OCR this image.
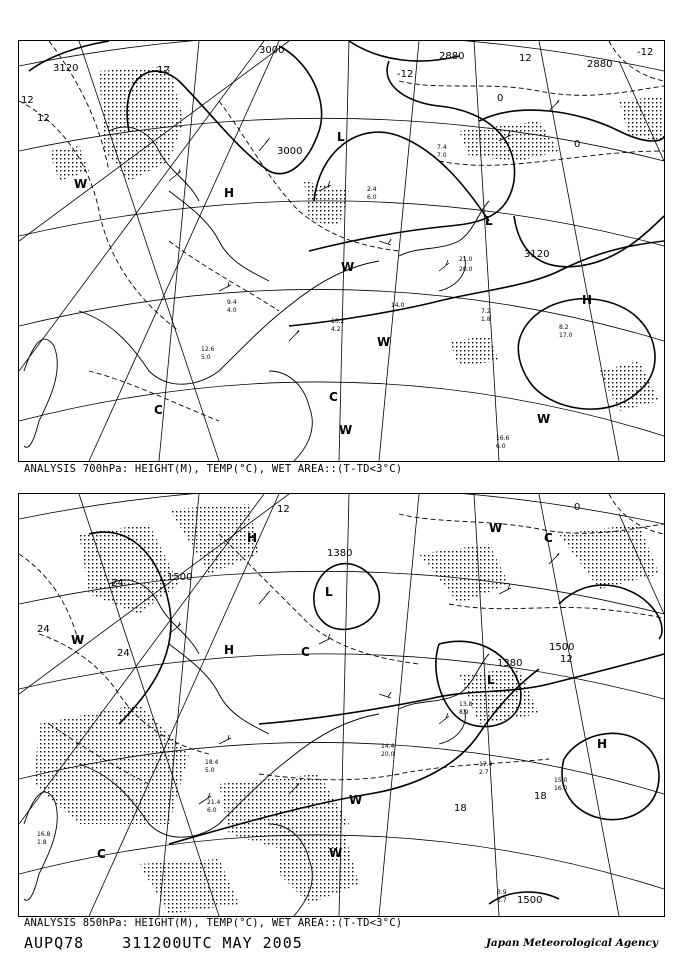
3000
3120
2880
2880
3000
3120
12	-12
-12
0
0
12
12
12
H
L
L
H
W
W
W
C
C
W
W
2.4
6.0
7.4
7.0
21.0
20.0
7.2
1.8
8.2
17.0
16.6
6.0
12.6
5.0
9.4
4.0
10.2
4.2
14.0
ANALYSIS 700hPa: HEIGHT(M), TEMP(°C), WET AREA::(T-TD<3°C)
1380
1500
1380
1500
1500
24
24
24
18
18
12	0
12
H
L
L
H
W
W
W
C
C
C
W
H
15.0
16.0
17.4
2.7
21.4
6.0
18.4
5.0
14.4
20.0
13.8
8.9
3.9
2.7
16.8
1.8
ANALYSIS 850hPa: HEIGHT(M), TEMP(°C), WET AREA::(T-TD<3°C)
AUPQ78	311200UTC MAY 2005	Japan Meteorological Agency
